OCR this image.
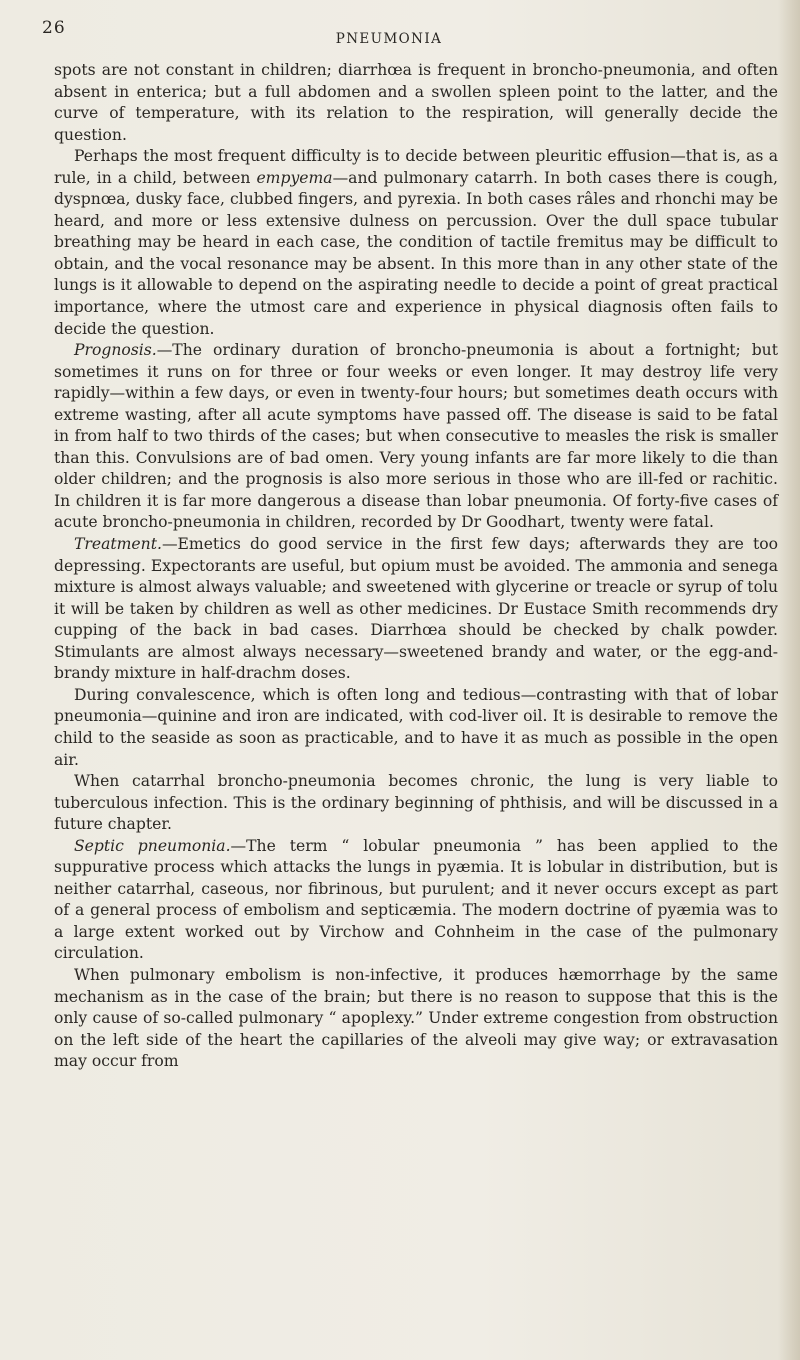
26
PNEUMONIA

spots are not constant in children; diarrhœa is frequent in broncho-pneumonia, and often absent in enterica; but a full abdomen and a swollen spleen point to the latter, and the curve of temperature, with its relation to the respiration, will generally decide the question.

Perhaps the most frequent difficulty is to decide between pleuritic effusion—that is, as a rule, in a child, between empyema—and pulmonary catarrh. In both cases there is cough, dyspnœa, dusky face, clubbed fingers, and pyrexia. In both cases râles and rhonchi may be heard, and more or less extensive dulness on percussion. Over the dull space tubular breathing may be heard in each case, the condition of tactile fremitus may be difficult to obtain, and the vocal resonance may be absent. In this more than in any other state of the lungs is it allowable to depend on the aspirating needle to decide a point of great practical importance, where the utmost care and experience in physical diagnosis often fails to decide the question.

Prognosis.—The ordinary duration of broncho-pneumonia is about a fortnight; but sometimes it runs on for three or four weeks or even longer. It may destroy life very rapidly—within a few days, or even in twenty-four hours; but sometimes death occurs with extreme wasting, after all acute symptoms have passed off. The disease is said to be fatal in from half to two thirds of the cases; but when consecutive to measles the risk is smaller than this. Convulsions are of bad omen. Very young infants are far more likely to die than older children; and the prognosis is also more serious in those who are ill-fed or rachitic. In children it is far more dangerous a disease than lobar pneumonia. Of forty-five cases of acute broncho-pneumonia in children, recorded by Dr Goodhart, twenty were fatal.

Treatment.—Emetics do good service in the first few days; afterwards they are too depressing. Expectorants are useful, but opium must be avoided. The ammonia and senega mixture is almost always valuable; and sweetened with glycerine or treacle or syrup of tolu it will be taken by children as well as other medicines. Dr Eustace Smith recommends dry cupping of the back in bad cases. Diarrhœa should be checked by chalk powder. Stimulants are almost always necessary—sweetened brandy and water, or the egg-and-brandy mixture in half-drachm doses.

During convalescence, which is often long and tedious—contrasting with that of lobar pneumonia—quinine and iron are indicated, with cod-liver oil. It is desirable to remove the child to the seaside as soon as practicable, and to have it as much as possible in the open air.

When catarrhal broncho-pneumonia becomes chronic, the lung is very liable to tuberculous infection. This is the ordinary beginning of phthisis, and will be discussed in a future chapter.

Septic pneumonia.—The term “ lobular pneumonia ” has been applied to the suppurative process which attacks the lungs in pyæmia. It is lobular in distribution, but is neither catarrhal, caseous, nor fibrinous, but purulent; and it never occurs except as part of a general process of embolism and septicæmia. The modern doctrine of pyæmia was to a large extent worked out by Virchow and Cohnheim in the case of the pulmonary circulation.

When pulmonary embolism is non-infective, it produces hæmorrhage by the same mechanism as in the case of the brain; but there is no reason to suppose that this is the only cause of so-called pulmonary “ apoplexy.” Under extreme congestion from obstruction on the left side of the heart the capillaries of the alveoli may give way; or extravasation may occur from
